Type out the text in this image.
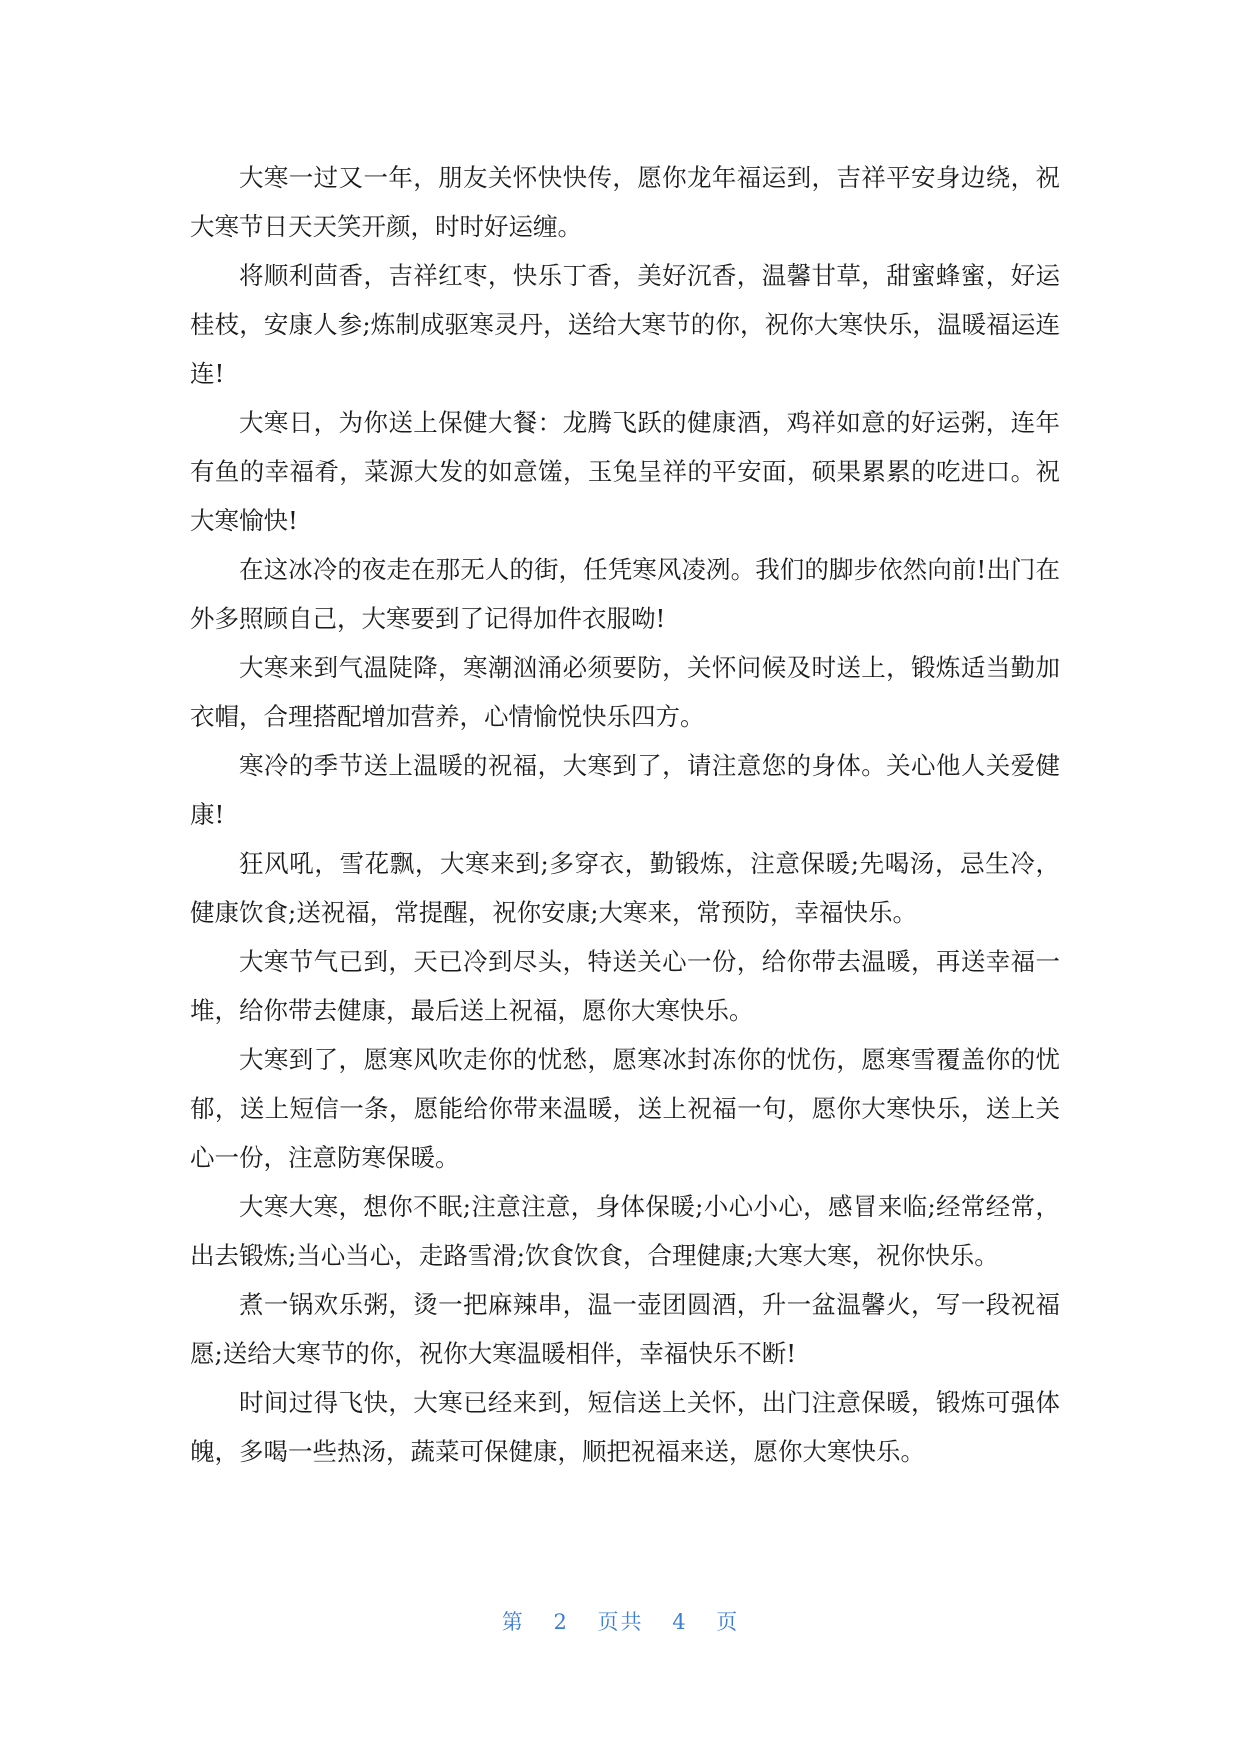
大寒一过又一年，朋友关怀快快传，愿你龙年福运到，吉祥平安身边绕，祝大寒节日天天笑开颜，时时好运缠。

将顺利茴香，吉祥红枣，快乐丁香，美好沉香，温馨甘草，甜蜜蜂蜜，好运桂枝，安康人参;炼制成驱寒灵丹，送给大寒节的你，祝你大寒快乐，温暖福运连连!

大寒日，为你送上保健大餐：龙腾飞跃的健康酒，鸡祥如意的好运粥，连年有鱼的幸福肴，菜源大发的如意馐，玉兔呈祥的平安面，硕果累累的吃进口。祝大寒愉快!

在这冰冷的夜走在那无人的街，任凭寒风凌冽。我们的脚步依然向前!出门在外多照顾自己，大寒要到了记得加件衣服呦!

大寒来到气温陡降，寒潮汹涌必须要防，关怀问候及时送上，锻炼适当勤加衣帽，合理搭配增加营养，心情愉悦快乐四方。

寒冷的季节送上温暖的祝福，大寒到了，请注意您的身体。关心他人关爱健康!

狂风吼，雪花飘，大寒来到;多穿衣，勤锻炼，注意保暖;先喝汤，忌生冷，健康饮食;送祝福，常提醒，祝你安康;大寒来，常预防，幸福快乐。

大寒节气已到，天已冷到尽头，特送关心一份，给你带去温暖，再送幸福一堆，给你带去健康，最后送上祝福，愿你大寒快乐。

大寒到了，愿寒风吹走你的忧愁，愿寒冰封冻你的忧伤，愿寒雪覆盖你的忧郁，送上短信一条，愿能给你带来温暖，送上祝福一句，愿你大寒快乐，送上关心一份，注意防寒保暖。

大寒大寒，想你不眠;注意注意，身体保暖;小心小心，感冒来临;经常经常，出去锻炼;当心当心，走路雪滑;饮食饮食，合理健康;大寒大寒，祝你快乐。

煮一锅欢乐粥，烫一把麻辣串，温一壶团圆酒，升一盆温馨火，写一段祝福愿;送给大寒节的你，祝你大寒温暖相伴，幸福快乐不断!

时间过得飞快，大寒已经来到，短信送上关怀，出门注意保暖，锻炼可强体魄，多喝一些热汤，蔬菜可保健康，顺把祝福来送，愿你大寒快乐。

第 2 页共 4 页
